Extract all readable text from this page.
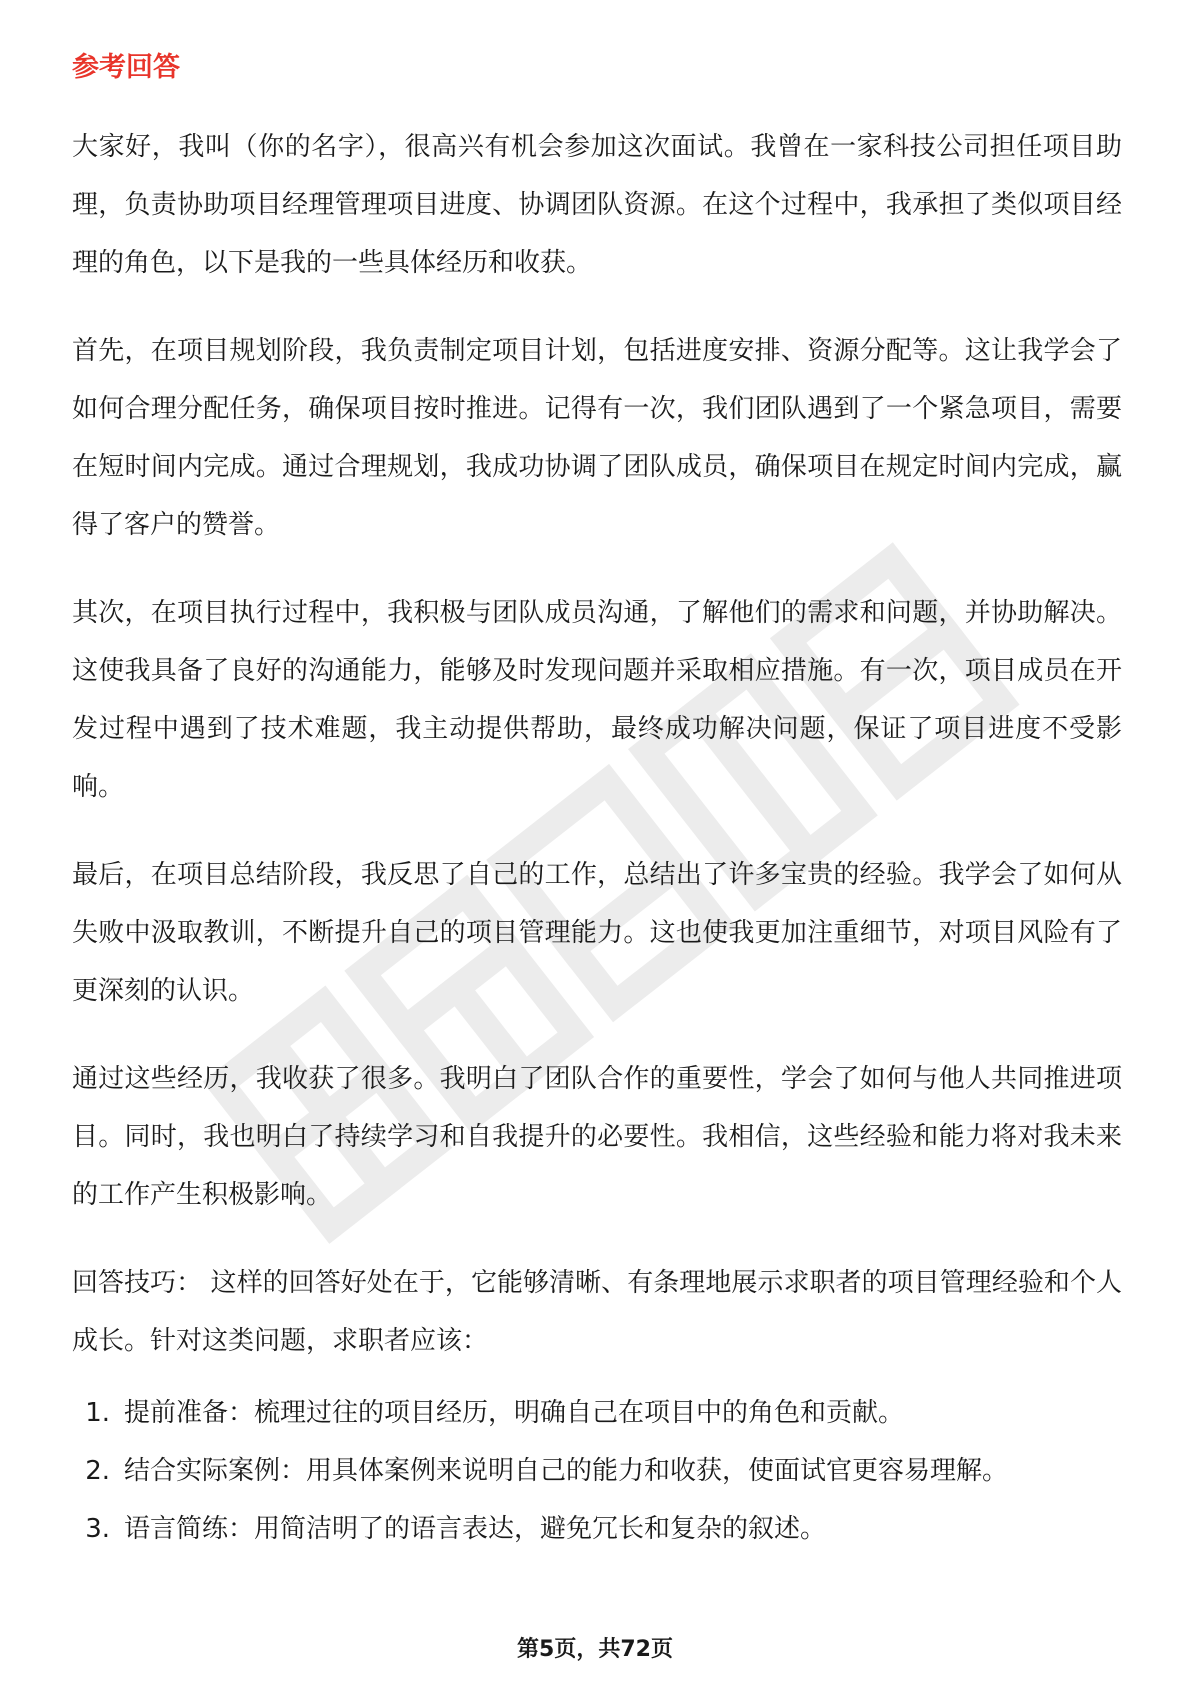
参考回答

大家好，我叫（你的名字），很高兴有机会参加这次面试。我曾在一家科技公司担任项目助理，负责协助项目经理管理项目进度、协调团队资源。在这个过程中，我承担了类似项目经理的角色，以下是我的一些具体经历和收获。

首先，在项目规划阶段，我负责制定项目计划，包括进度安排、资源分配等。这让我学会了如何合理分配任务，确保项目按时推进。记得有一次，我们团队遇到了一个紧急项目，需要在短时间内完成。通过合理规划，我成功协调了团队成员，确保项目在规定时间内完成，赢得了客户的赞誉。

其次，在项目执行过程中，我积极与团队成员沟通，了解他们的需求和问题，并协助解决。这使我具备了良好的沟通能力，能够及时发现问题并采取相应措施。有一次，项目成员在开发过程中遇到了技术难题，我主动提供帮助，最终成功解决问题，保证了项目进度不受影响。

最后，在项目总结阶段，我反思了自己的工作，总结出了许多宝贵的经验。我学会了如何从失败中汲取教训，不断提升自己的项目管理能力。这也使我更加注重细节，对项目风险有了更深刻的认识。

通过这些经历，我收获了很多。我明白了团队合作的重要性，学会了如何与他人共同推进项目。同时，我也明白了持续学习和自我提升的必要性。我相信，这些经验和能力将对我未来的工作产生积极影响。

回答技巧： 这样的回答好处在于，它能够清晰、有条理地展示求职者的项目管理经验和个人成长。针对这类问题，求职者应该：

1. 提前准备 ： 梳理过往的项目经历，明确自己在项目中的角色和贡献。
2. 结合实际案例 ： 用具体案例来说明自己的能力和收获，使面试官更容易理解。
3. 语言简练 ： 用简洁明了的语言表达，避免冗长和复杂的叙述。
第5页，共72页
